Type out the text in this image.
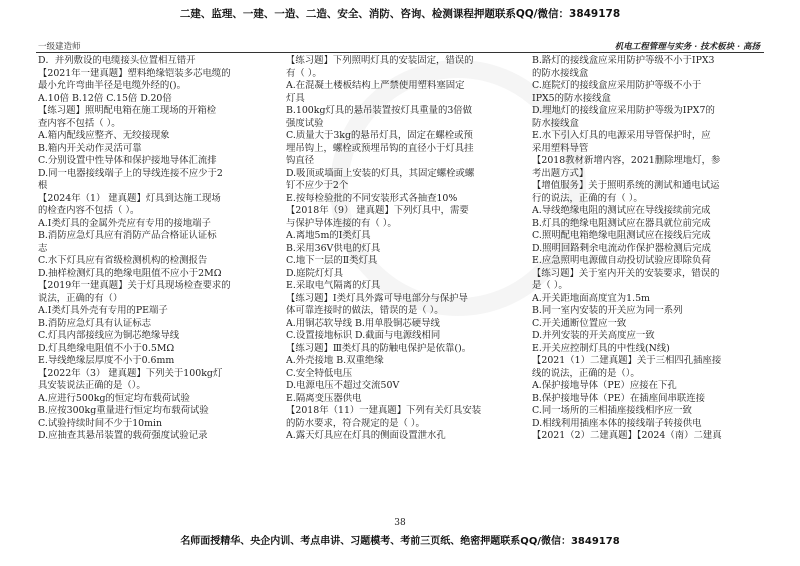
二建、监理、一建、一造、二造、安全、消防、咨询、检测课程押题联系QQ/微信：3849178
一级建造师	机电工程管理与实务 · 技术板块 · 高扬
D．并列敷设的电缆接头位置相互错开
【2021年一建真题】塑料绝缘铠装多芯电缆的
最小允许弯曲半径是电缆外经的()。
A.10倍 B.12倍 C.15倍 D.20倍
【练习题】照明配电箱在施工现场的开箱检
查内容不包括（ ）。
A.箱内配线应整齐、无绞接现象
B.箱内开关动作灵活可靠
C.分别设置中性导体和保护接地导体汇流排
D.同一电器接线端子上的导线连接不应少于2
根
【2024年（1） 建真题】灯具到达施工现场
的检查内容不包括（ ）。
A.Ⅰ类灯具的金属外壳应有专用的接地端子
B.消防应急灯具应有消防产品合格证认证标
志
C.水下灯具应有省级检测机构的检测报告
D.抽样检测灯具的绝缘电阻值不应小于2MΩ
【2019年一建真题】关于灯具现场检查要求的
说法，正确的有（）
A.Ⅰ类灯具外壳有专用的PE端子
B.消防应急灯具有认证标志
C.灯具内部接线应为铜芯绝缘导线
D.灯具绝缘电阻值不小于0.5MΩ
E.导线绝缘层厚度不小于0.6mm
【2022年（3） 建真题】下列关于100kg灯
具安装说法正确的是（）。
A.应进行500kg的恒定均布载荷试验
B.应按300kg重量进行恒定均布载荷试验
C.试验持续时间不少于10min
D.应抽查其悬吊装置的载荷强度试验记录
【练习题】下列照明灯具的安装固定，错误的
有（ ）。
A.在混凝土楼板结构上严禁使用塑料塞固定
灯具
B.100kg灯具的悬吊装置按灯具重量的3倍做
强度试验
C.质量大于3kg的悬吊灯具，固定在螺栓或预
埋吊钩上，螺栓或预埋吊钩的直径小于灯具挂
钩直径
D.吸顶或墙面上安装的灯具，其固定螺栓或螺
钉不应少于2个
E.按每检验批的不同安装形式各抽查10%
【2018年（9） 建真题】下列灯具中，需要
与保护导体连接的有（ ）。
A.离地5m的Ⅰ类灯具
B.采用36V供电的灯具
C.地下一层的Ⅱ类灯具
D.庭院灯灯具
E.采取电气隔离的灯具
【练习题】Ⅰ类灯具外露可导电部分与保护导
体可靠连接时的做法，错误的是（ ）。
A.用铜芯软导线 B.用单股铜芯硬导线
C.设置接地标识 D.截面与电源线相同
【练习题】Ⅲ类灯具的防触电保护是依靠()。
A.外壳接地 B.双重绝缘
C.安全特低电压
D.电源电压不超过交流50V
E.隔离变压器供电
【2018年（11）一建真题】下列有关灯具安装
的防水要求，符合规定的是（ ）。
A.露天灯具应在灯具的侧面设置泄水孔
B.路灯的接线盒应采用防护等级不小于IPX3
的防水接线盒
C.庭院灯的接线盒应采用防护等级不小于
IPX5的防水接线盒
D.埋地灯的接线盒应采用防护等级为IPX7的
防水接线盒
E.水下引入灯具的电源采用导管保护时，应
采用塑料导管
【2018教材新增内容，2021删除埋地灯，参
考出题方式】
【增值服务】关于照明系统的测试和通电试运
行的说法，正确的有（ ）。
A.导线绝缘电阻的测试应在导线接续前完成
B.灯具的绝缘电阻测试应在器具就位前完成
C.照明配电箱绝缘电阻测试应在接线后完成
D.照明回路剩余电流动作保护器检测后完成
E.应急照明电源做自动投切试验应即除负荷
【练习题】关于室内开关的安装要求，错误的
是（ ）。
A.开关距地面高度宜为1.5m
B.同一室内安装的开关应为同一系列
C.开关通断位置应一致
D.并列安装的开关高度应一致
E.开关应控制灯具的中性线(N线)
【2021（1）二建真题】关于三相四孔插座接
线的说法，正确的是（）。
A.保护接地导体（PE）应接在下孔
B.保护接地导体（PE）在插座间串联连接
C.同一场所的三相插座接线相序应一致
D.相线利用插座本体的接线端子转接供电
【2021（2）二建真题】【2024（南）二建真
38
名师面授精华、央企内训、考点串讲、习题模考、考前三页纸、绝密押题联系QQ/微信：3849178
